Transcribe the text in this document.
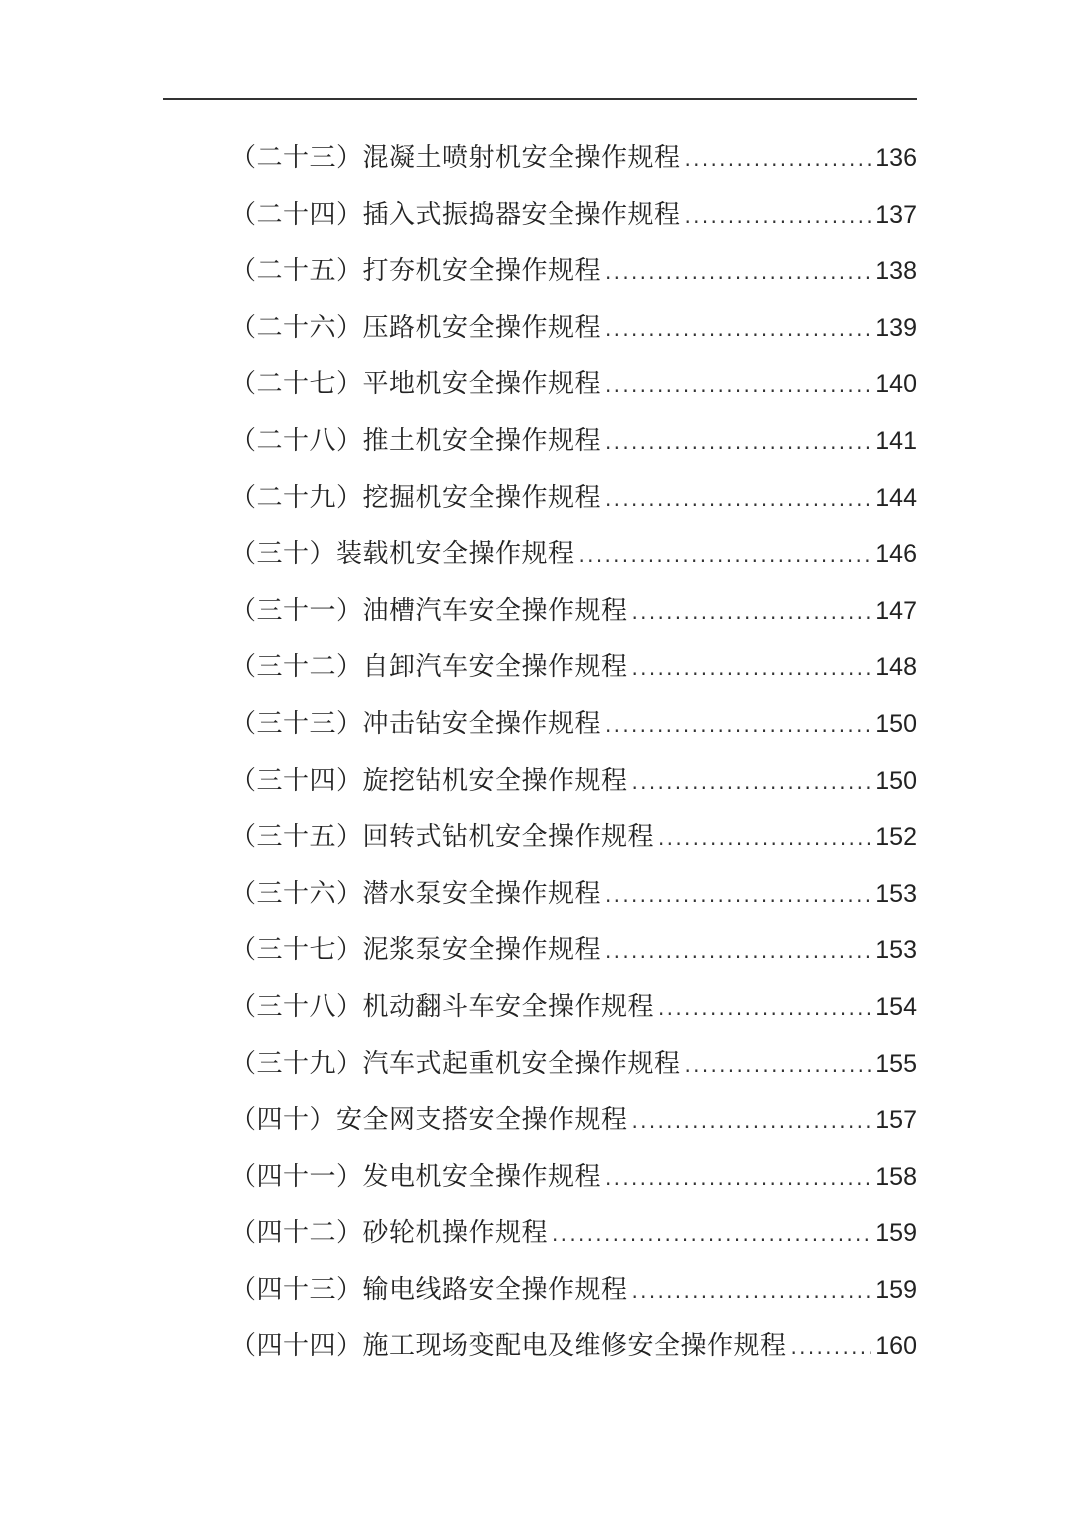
（二十三）混凝土喷射机安全操作规程 .....	136
（二十四）插入式振捣器安全操作规程 .....	137
（二十五）打夯机安全操作规程 .....	138
（二十六）压路机安全操作规程 .....	139
（二十七）平地机安全操作规程 .....	140
（二十八）推土机安全操作规程 .....	141
（二十九）挖掘机安全操作规程 .....	144
（三十）装载机安全操作规程 .....	146
（三十一）油槽汽车安全操作规程 .....	147
（三十二）自卸汽车安全操作规程 .....	148
（三十三）冲击钻安全操作规程 .....	150
（三十四）旋挖钻机安全操作规程 .....	150
（三十五）回转式钻机安全操作规程 .....	152
（三十六）潜水泵安全操作规程 .....	153
（三十七）泥浆泵安全操作规程 .....	153
（三十八）机动翻斗车安全操作规程 .....	154
（三十九）汽车式起重机安全操作规程 .....	155
（四十）安全网支搭安全操作规程 .....	157
（四十一）发电机安全操作规程 .....	158
（四十二）砂轮机操作规程 .....	159
（四十三）输电线路安全操作规程 .....	159
（四十四）施工现场变配电及维修安全操作规程 .....	160
